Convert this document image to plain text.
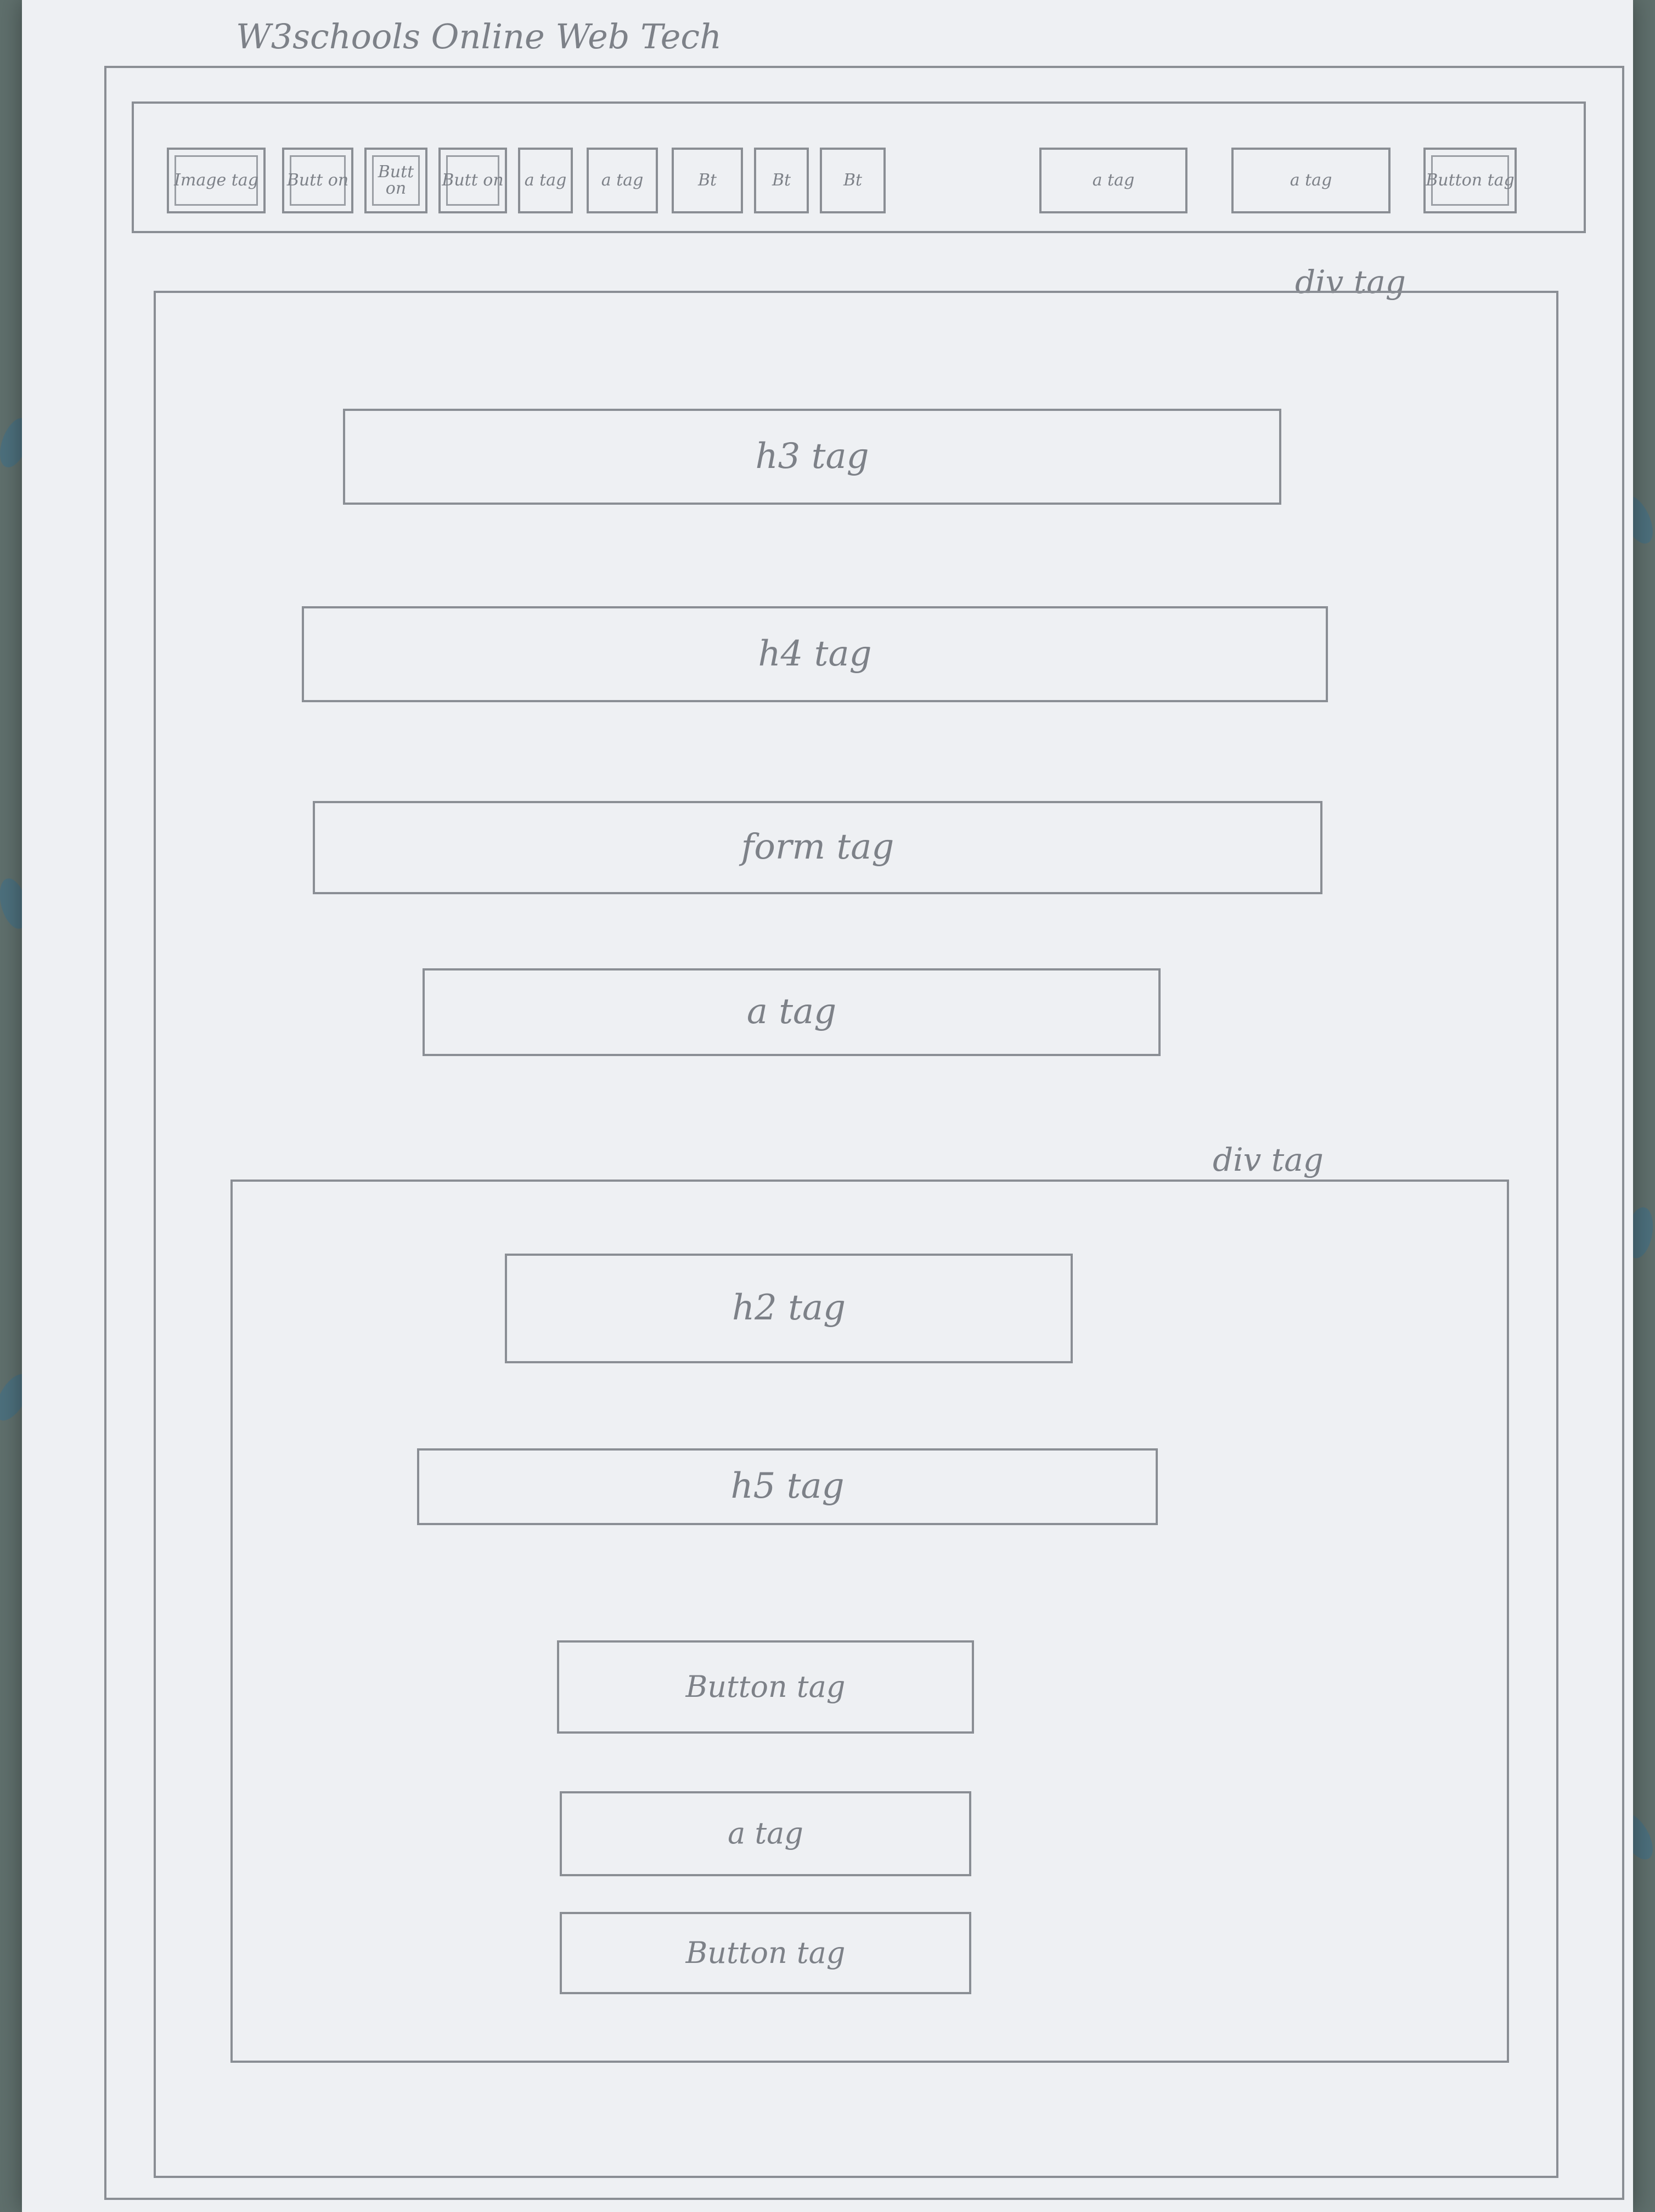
W3schools Online Web Tech
Image tag Butt on	Butt on	Butt on a tag a tag	Bt	Bt	Bt	a tag	a tag	Button tag
div tag
h3 tag
h4 tag
form tag
a tag
div tag
h2 tag
h5 tag
Button tag
a tag
Button tag
